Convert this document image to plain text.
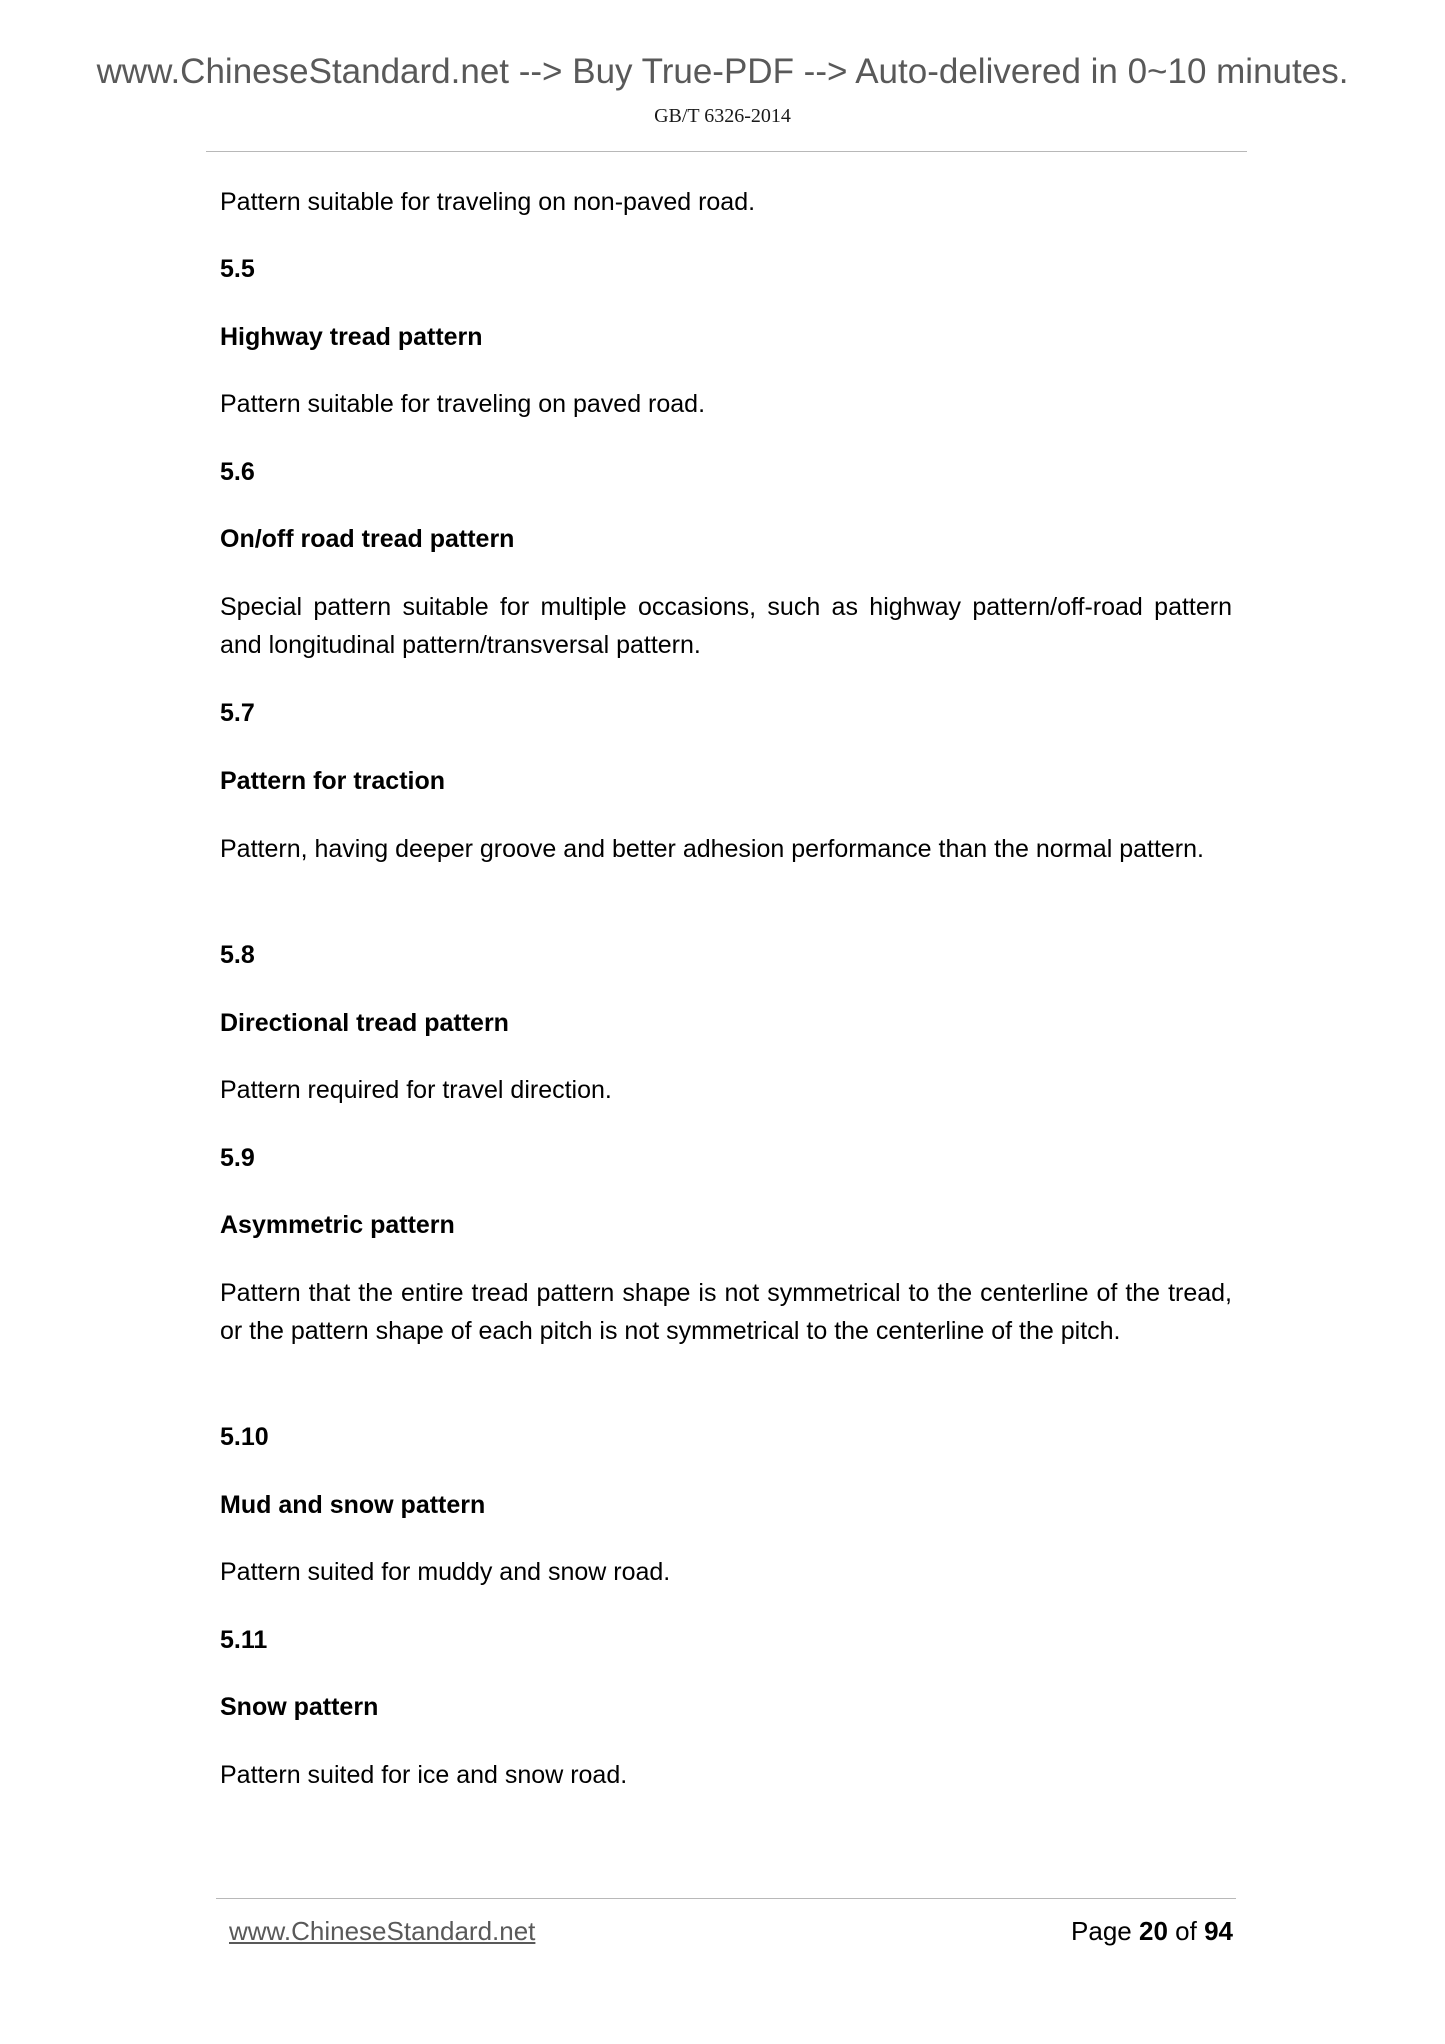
www.ChineseStandard.net --> Buy True-PDF --> Auto-delivered in 0~10 minutes.
GB/T 6326-2014
Pattern suitable for traveling on non-paved road.
5.5
Highway tread pattern
Pattern suitable for traveling on paved road.
5.6
On/off road tread pattern
Special pattern suitable for multiple occasions, such as highway pattern/off-road pattern and longitudinal pattern/transversal pattern.
5.7
Pattern for traction
Pattern, having deeper groove and better adhesion performance than the normal pattern.
5.8
Directional tread pattern
Pattern required for travel direction.
5.9
Asymmetric pattern
Pattern that the entire tread pattern shape is not symmetrical to the centerline of the tread, or the pattern shape of each pitch is not symmetrical to the centerline of the pitch.
5.10
Mud and snow pattern
Pattern suited for muddy and snow road.
5.11
Snow pattern
Pattern suited for ice and snow road.
www.ChineseStandard.net	Page 20 of 94
